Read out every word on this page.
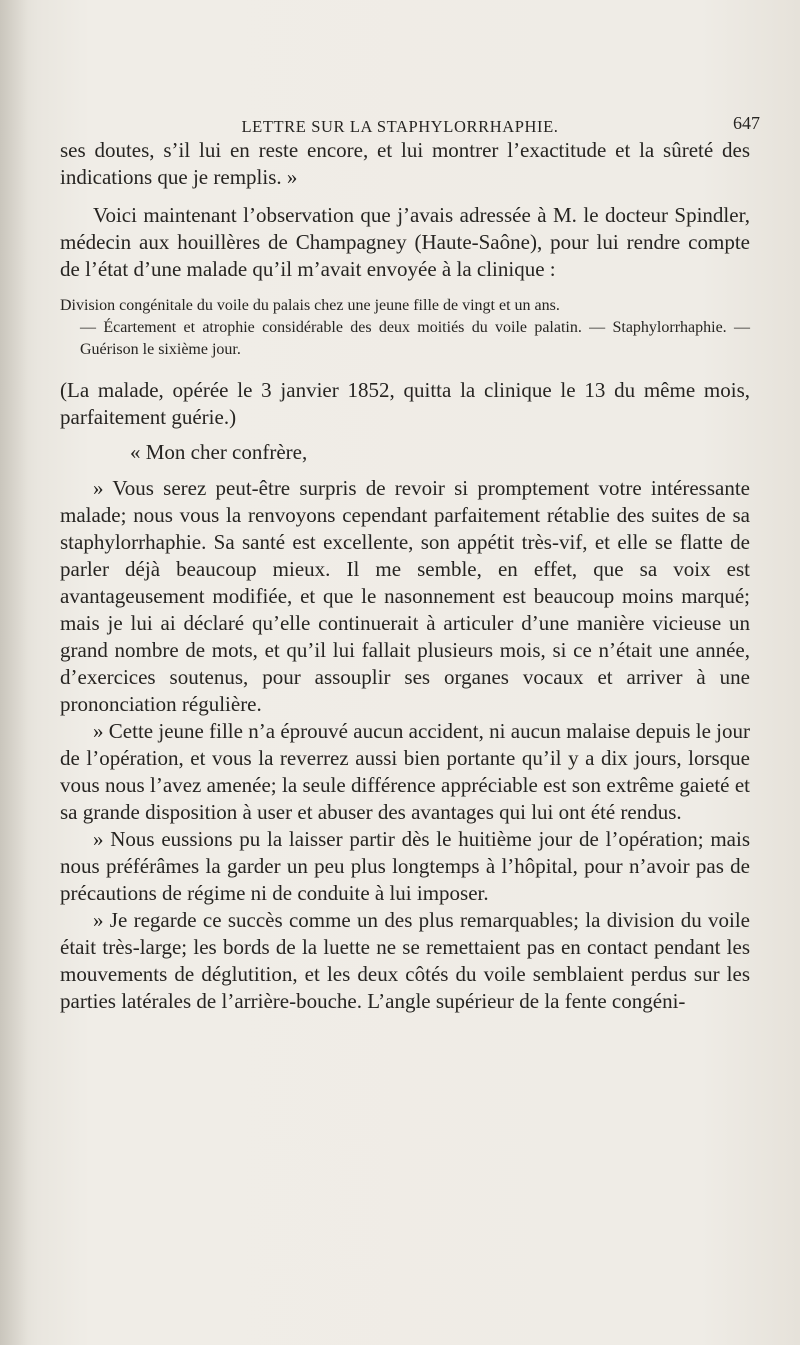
LETTRE SUR LA STAPHYLORRHAPHIE.	647

ses doutes, s’il lui en reste encore, et lui montrer l’exactitude et la sûreté des indications que je remplis. »

Voici maintenant l’observation que j’avais adressée à M. le docteur Spindler, médecin aux houillères de Champagney (Haute-Saône), pour lui rendre compte de l’état d’une malade qu’il m’avait envoyée à la clinique :

Division congénitale du voile du palais chez une jeune fille de vingt et un ans.
— Écartement et atrophie considérable des deux moitiés du voile palatin. — Staphylorrhaphie. — Guérison le sixième jour.

(La malade, opérée le 3 janvier 1852, quitta la clinique le 13 du même mois, parfaitement guérie.)

« Mon cher confrère,

» Vous serez peut-être surpris de revoir si promptement votre intéressante malade; nous vous la renvoyons cependant parfaitement rétablie des suites de sa staphylorrhaphie. Sa santé est excellente, son appétit très-vif, et elle se flatte de parler déjà beaucoup mieux. Il me semble, en effet, que sa voix est avantageusement modifiée, et que le nasonnement est beaucoup moins marqué; mais je lui ai déclaré qu’elle continuerait à articuler d’une manière vicieuse un grand nombre de mots, et qu’il lui fallait plusieurs mois, si ce n’était une année, d’exercices soutenus, pour assouplir ses organes vocaux et arriver à une prononciation régulière.

» Cette jeune fille n’a éprouvé aucun accident, ni aucun malaise depuis le jour de l’opération, et vous la reverrez aussi bien portante qu’il y a dix jours, lorsque vous nous l’avez amenée; la seule différence appréciable est son extrême gaieté et sa grande disposition à user et abuser des avantages qui lui ont été rendus.

» Nous eussions pu la laisser partir dès le huitième jour de l’opération; mais nous préférâmes la garder un peu plus longtemps à l’hôpital, pour n’avoir pas de précautions de régime ni de conduite à lui imposer.

» Je regarde ce succès comme un des plus remarquables; la division du voile était très-large; les bords de la luette ne se remettaient pas en contact pendant les mouvements de déglutition, et les deux côtés du voile semblaient perdus sur les parties latérales de l’arrière-bouche. L’angle supérieur de la fente congéni-
